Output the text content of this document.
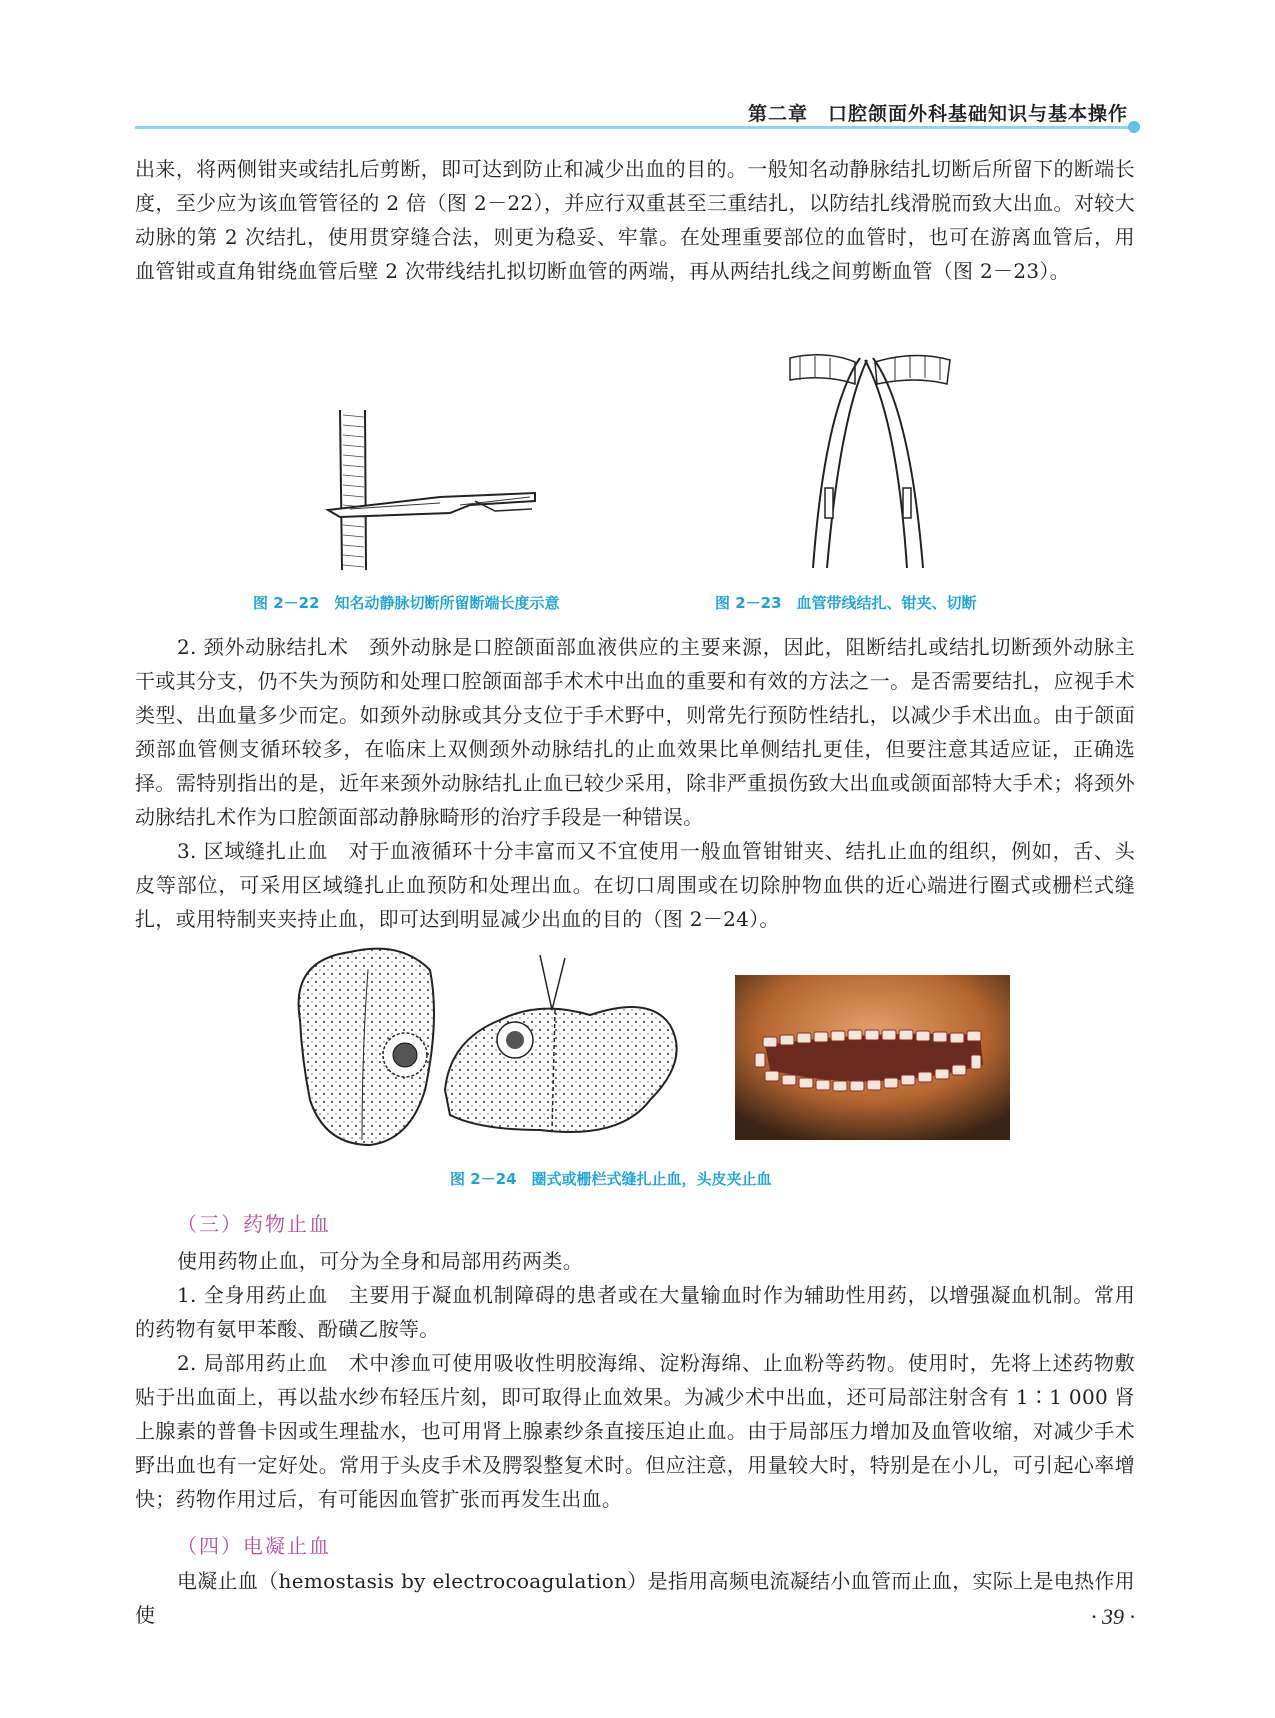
第二章　口腔颌面外科基础知识与基本操作

出来，将两侧钳夹或结扎后剪断，即可达到防止和减少出血的目的。一般知名动静脉结扎切断后所留下的断端长度，至少应为该血管管径的 2 倍（图 2－22），并应行双重甚至三重结扎，以防结扎线滑脱而致大出血。对较大动脉的第 2 次结扎，使用贯穿缝合法，则更为稳妥、牢靠。在处理重要部位的血管时，也可在游离血管后，用血管钳或直角钳绕血管后壁 2 次带线结扎拟切断血管的两端，再从两结扎线之间剪断血管（图 2－23）。

图 2－22　知名动静脉切断所留断端长度示意	图 2－23　血管带线结扎、钳夹、切断

2. 颈外动脉结扎术　颈外动脉是口腔颌面部血液供应的主要来源，因此，阻断结扎或结扎切断颈外动脉主干或其分支，仍不失为预防和处理口腔颌面部手术术中出血的重要和有效的方法之一。是否需要结扎，应视手术类型、出血量多少而定。如颈外动脉或其分支位于手术野中，则常先行预防性结扎，以减少手术出血。由于颌面颈部血管侧支循环较多，在临床上双侧颈外动脉结扎的止血效果比单侧结扎更佳，但要注意其适应证，正确选择。需特别指出的是，近年来颈外动脉结扎止血已较少采用，除非严重损伤致大出血或颌面部特大手术；将颈外动脉结扎术作为口腔颌面部动静脉畸形的治疗手段是一种错误。

3. 区域缝扎止血　对于血液循环十分丰富而又不宜使用一般血管钳钳夹、结扎止血的组织，例如，舌、头皮等部位，可采用区域缝扎止血预防和处理出血。在切口周围或在切除肿物血供的近心端进行圈式或栅栏式缝扎，或用特制夹夹持止血，即可达到明显减少出血的目的（图 2－24）。

图 2－24　圈式或栅栏式缝扎止血，头皮夹止血
（三）药物止血

使用药物止血，可分为全身和局部用药两类。

1. 全身用药止血　主要用于凝血机制障碍的患者或在大量输血时作为辅助性用药，以增强凝血机制。常用的药物有氨甲苯酸、酚磺乙胺等。

2. 局部用药止血　术中渗血可使用吸收性明胶海绵、淀粉海绵、止血粉等药物。使用时，先将上述药物敷贴于出血面上，再以盐水纱布轻压片刻，即可取得止血效果。为减少术中出血，还可局部注射含有 1∶1 000 肾上腺素的普鲁卡因或生理盐水，也可用肾上腺素纱条直接压迫止血。由于局部压力增加及血管收缩，对减少手术野出血也有一定好处。常用于头皮手术及腭裂整复术时。但应注意，用量较大时，特别是在小儿，可引起心率增快；药物作用过后，有可能因血管扩张而再发生出血。

（四）电凝止血

电凝止血（hemostasis by electrocoagulation）是指用高频电流凝结小血管而止血，实际上是电热作用使	· 39 ·
